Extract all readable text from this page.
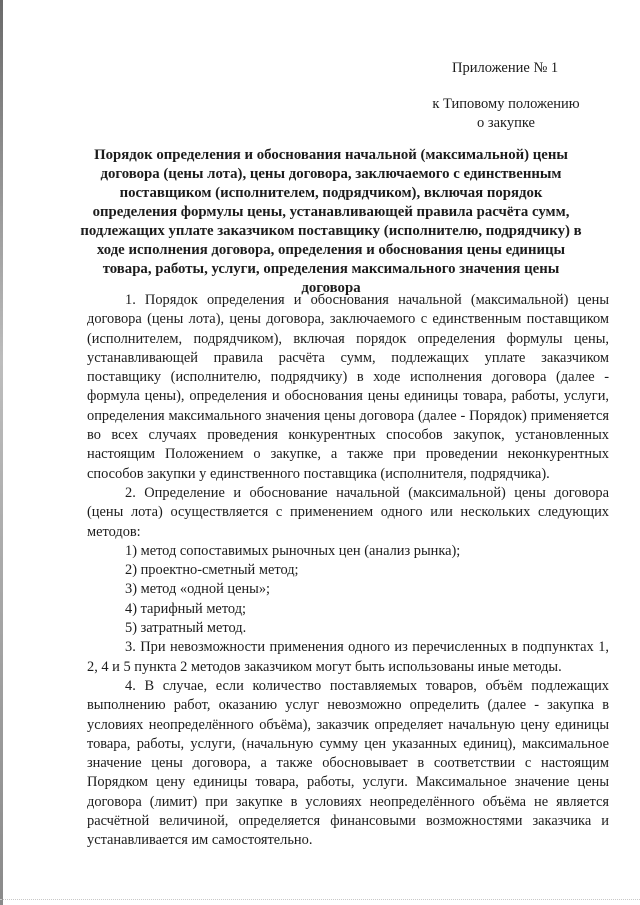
Приложение № 1
к Типовому положению
о закупке
Порядок определения и обоснования начальной (максимальной) цены договора (цены лота), цены договора, заключаемого с единственным поставщиком (исполнителем, подрядчиком), включая порядок определения формулы цены, устанавливающей правила расчёта сумм, подлежащих уплате заказчиком поставщику (исполнителю, подрядчику) в ходе исполнения договора, определения и обоснования цены единицы товара, работы, услуги, определения максимального значения цены договора

1. Порядок определения и обоснования начальной (максимальной) цены договора (цены лота), цены договора, заключаемого с единственным поставщиком (исполнителем, подрядчиком), включая порядок определения формулы цены, устанавливающей правила расчёта сумм, подлежащих уплате заказчиком поставщику (исполнителю, подрядчику) в ходе исполнения договора (далее - формула цены), определения и обоснования цены единицы товара, работы, услуги, определения максимального значения цены договора (далее - Порядок) применяется во всех случаях проведения конкурентных способов закупок, установленных настоящим Положением о закупке, а также при проведении неконкурентных способов закупки у единственного поставщика (исполнителя, подрядчика).

2. Определение и обоснование начальной (максимальной) цены договора (цены лота) осуществляется с применением одного или нескольких следующих методов:

1) метод сопоставимых рыночных цен (анализ рынка);

2) проектно-сметный метод;

3) метод «одной цены»;

4) тарифный метод;

5) затратный метод.

3. При невозможности применения одного из перечисленных в подпунктах 1, 2, 4 и 5 пункта 2 методов заказчиком могут быть использованы иные методы.

4. В случае, если количество поставляемых товаров, объём подлежащих выполнению работ, оказанию услуг невозможно определить (далее - закупка в условиях неопределённого объёма), заказчик определяет начальную цену единицы товара, работы, услуги, (начальную сумму цен указанных единиц), максимальное значение цены договора, а также обосновывает в соответствии с настоящим Порядком цену единицы товара, работы, услуги. Максимальное значение цены договора (лимит) при закупке в условиях неопределённого объёма не является расчётной величиной, определяется финансовыми возможностями заказчика и устанавливается им самостоятельно.
